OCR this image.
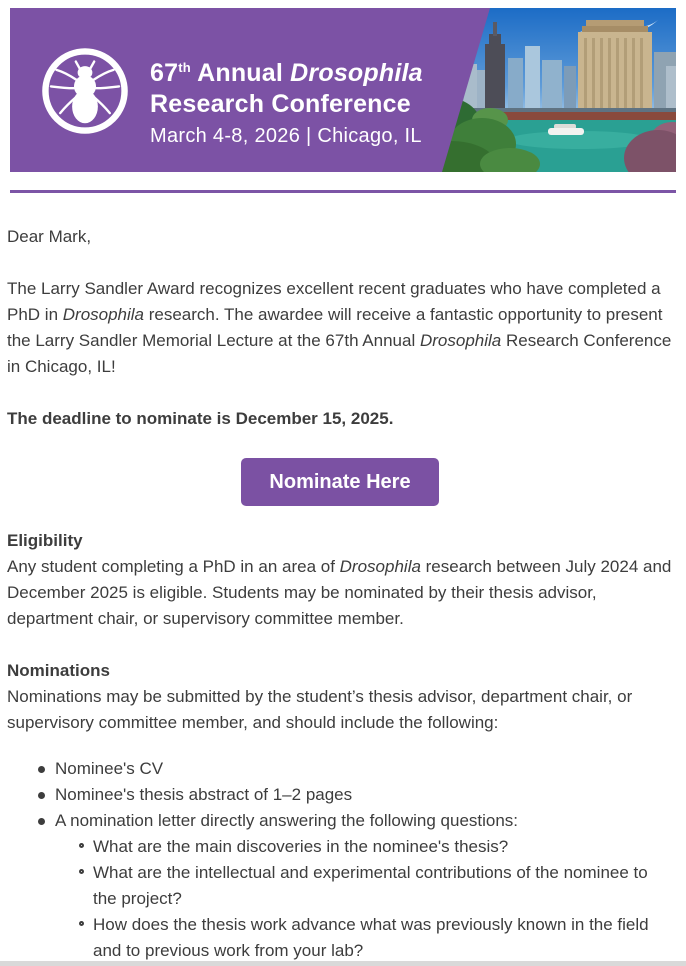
67th Annual Drosophila
Research Conference
March 4-8, 2026 | Chicago, IL

Dear Mark,

The Larry Sandler Award recognizes excellent recent graduates who have completed a PhD in Drosophila research. The awardee will receive a fantastic opportunity to present the Larry Sandler Memorial Lecture at the 67th Annual Drosophila Research Conference in Chicago, IL!

The deadline to nominate is December 15, 2025.

Nominate Here
Eligibility

Any student completing a PhD in an area of Drosophila research between July 2024 and December 2025 is eligible. Students may be nominated by their thesis advisor, department chair, or supervisory committee member.

Nominations

Nominations may be submitted by the student’s thesis advisor, department chair, or supervisory committee member, and should include the following:

Nominee's CV
Nominee's thesis abstract of 1–2 pages
A nomination letter directly answering the following questions:
What are the main discoveries in the nominee's thesis?
What are the intellectual and experimental contributions of the nominee to the project?
How does the thesis work advance what was previously known in the field and to previous work from your lab?
